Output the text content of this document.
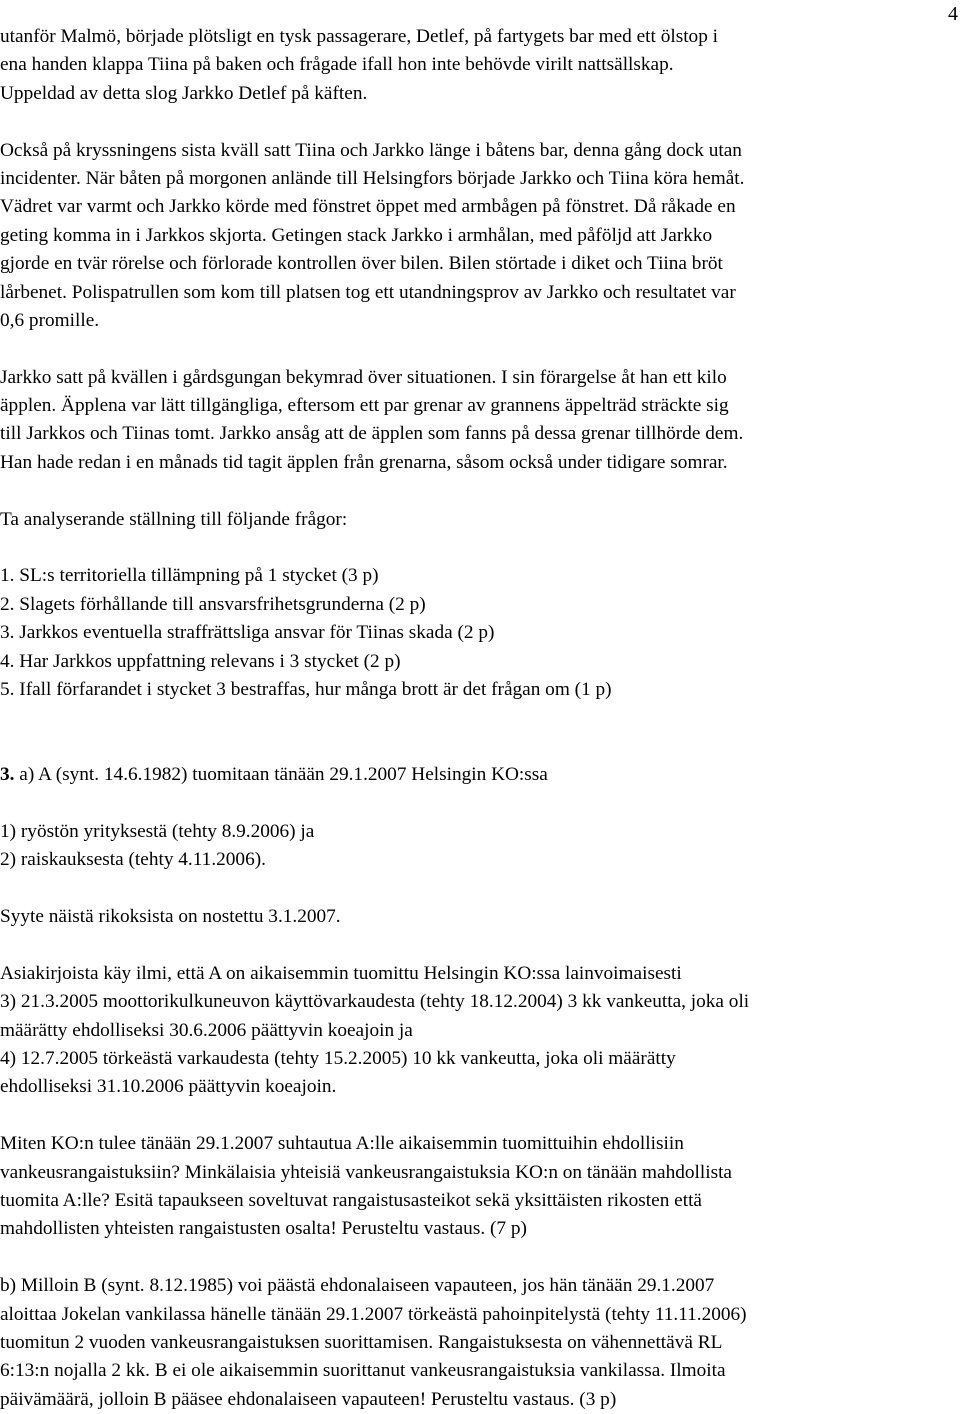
4
utanför Malmö, började plötsligt en tysk passagerare, Detlef, på fartygets bar med ett ölstop i
ena handen klappa Tiina på baken och frågade ifall hon inte behövde virilt nattsällskap.
Uppeldad av detta slog Jarkko Detlef på käften.
Också på kryssningens sista kväll satt Tiina och Jarkko länge i båtens bar, denna gång dock utan
incidenter. När båten på morgonen anlände till Helsingfors började Jarkko och Tiina köra hemåt.
Vädret var varmt och Jarkko körde med fönstret öppet med armbågen på fönstret. Då råkade en
geting komma in i Jarkkos skjorta. Getingen stack Jarkko i armhålan, med påföljd att Jarkko
gjorde en tvär rörelse och förlorade kontrollen över bilen. Bilen störtade i diket och Tiina bröt
lårbenet. Polispatrullen som kom till platsen tog ett utandningsprov av Jarkko och resultatet var
0,6 promille.
Jarkko satt på kvällen i gårdsgungan bekymrad över situationen. I sin förargelse åt han ett kilo
äpplen. Äpplena var lätt tillgängliga, eftersom ett par grenar av grannens äppelträd sträckte sig
till Jarkkos och Tiinas tomt. Jarkko ansåg att de äpplen som fanns på dessa grenar tillhörde dem.
Han hade redan i en månads tid tagit äpplen från grenarna, såsom också under tidigare somrar.
Ta analyserande ställning till följande frågor:
1. SL:s territoriella tillämpning på 1 stycket (3 p)
2. Slagets förhållande till ansvarsfrihetsgrunderna (2 p)
3. Jarkkos eventuella straffrättsliga ansvar för Tiinas skada (2 p)
4. Har Jarkkos uppfattning relevans i 3 stycket (2 p)
5. Ifall förfarandet i stycket 3 bestraffas, hur många brott är det frågan om (1 p)
3. a) A (synt. 14.6.1982) tuomitaan tänään 29.1.2007 Helsingin KO:ssa
1) ryöstön yrityksestä (tehty 8.9.2006) ja
2) raiskauksesta (tehty 4.11.2006).
Syyte näistä rikoksista on nostettu 3.1.2007.
Asiakirjoista käy ilmi, että A on aikaisemmin tuomittu Helsingin KO:ssa lainvoimaisesti
3) 21.3.2005 moottorikulkuneuvon käyttövarkaudesta (tehty 18.12.2004) 3 kk vankeutta, joka oli
määrätty ehdolliseksi 30.6.2006 päättyvin koeajoin ja
4) 12.7.2005 törkeästä varkaudesta (tehty 15.2.2005) 10 kk vankeutta, joka oli määrätty
ehdolliseksi 31.10.2006 päättyvin koeajoin.
Miten KO:n tulee tänään 29.1.2007 suhtautua A:lle aikaisemmin tuomittuihin ehdollisiin
vankeusrangaistuksiin? Minkälaisia yhteisiä vankeusrangaistuksia KO:n on tänään mahdollista
tuomita A:lle? Esitä tapaukseen soveltuvat rangaistusasteikot sekä yksittäisten rikosten että
mahdollisten yhteisten rangaistusten osalta! Perusteltu vastaus. (7 p)
b) Milloin B (synt. 8.12.1985) voi päästä ehdonalaiseen vapauteen, jos hän tänään 29.1.2007
aloittaa Jokelan vankilassa hänelle tänään 29.1.2007 törkeästä pahoinpitelystä (tehty 11.11.2006)
tuomitun 2 vuoden vankeusrangaistuksen suorittamisen. Rangaistuksesta on vähennettävä RL
6:13:n nojalla 2 kk. B ei ole aikaisemmin suorittanut vankeusrangaistuksia vankilassa. Ilmoita
päivämäärä, jolloin B pääsee ehdonalaiseen vapauteen! Perusteltu vastaus. (3 p)
